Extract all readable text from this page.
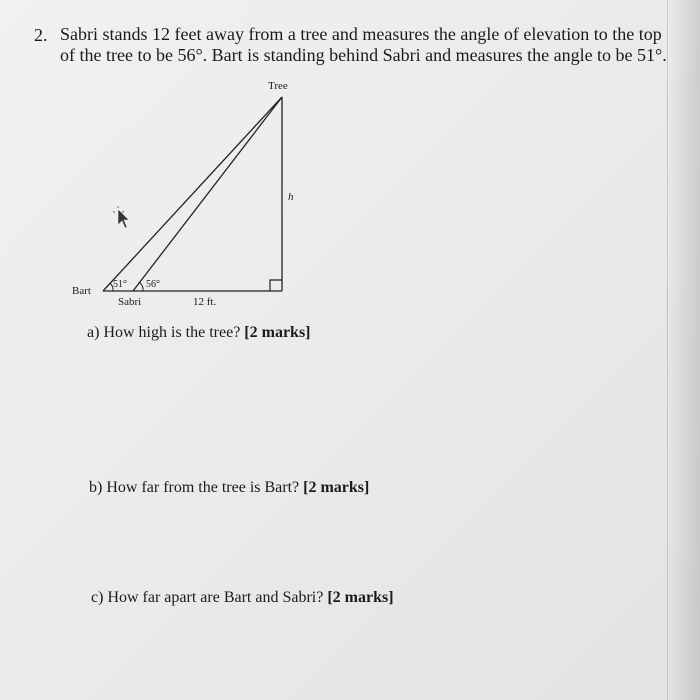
2. Sabri stands 12 feet away from a tree and measures the angle of elevation to the top of the tree to be 56°. Bart is standing behind Sabri and measures the angle to be 51°.
Tree
h
Bart
Sabri	12 ft.
51° 56°
a) How high is the tree? [2 marks]
b) How far from the tree is Bart? [2 marks]
c) How far apart are Bart and Sabri? [2 marks]
